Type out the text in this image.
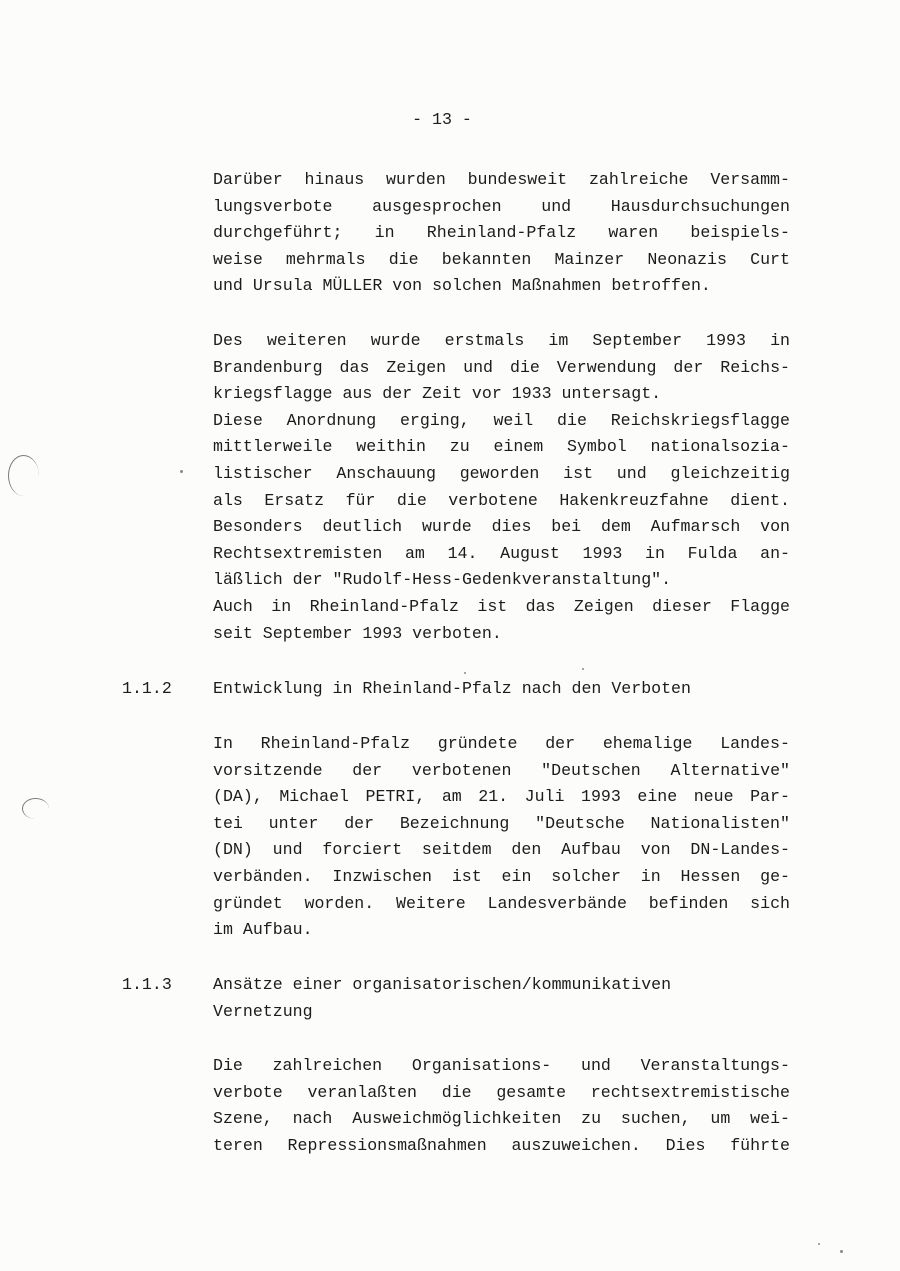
- 13 -
Darüber hinaus wurden bundesweit zahlreiche Versamm-
lungsverbote ausgesprochen und Hausdurchsuchungen
durchgeführt; in Rheinland-Pfalz waren beispiels-
weise mehrmals die bekannten Mainzer Neonazis Curt
und Ursula MÜLLER von solchen Maßnahmen betroffen.
Des weiteren wurde erstmals im September 1993 in
Brandenburg das Zeigen und die Verwendung der Reichs-
kriegsflagge aus der Zeit vor 1933 untersagt.
Diese Anordnung erging, weil die Reichskriegsflagge
mittlerweile weithin zu einem Symbol nationalsozia-
listischer Anschauung geworden ist und gleichzeitig
als Ersatz für die verbotene Hakenkreuzfahne dient.
Besonders deutlich wurde dies bei dem Aufmarsch von
Rechtsextremisten am 14. August 1993 in Fulda an-
läßlich der "Rudolf-Hess-Gedenkveranstaltung".
Auch in Rheinland-Pfalz ist das Zeigen dieser Flagge
seit September 1993 verboten.
1.1.2 Entwicklung in Rheinland-Pfalz nach den Verboten
In Rheinland-Pfalz gründete der ehemalige Landes-
vorsitzende der verbotenen "Deutschen Alternative"
(DA), Michael PETRI, am 21. Juli 1993 eine neue Par-
tei unter der Bezeichnung "Deutsche Nationalisten"
(DN) und forciert seitdem den Aufbau von DN-Landes-
verbänden. Inzwischen ist ein solcher in Hessen ge-
gründet worden. Weitere Landesverbände befinden sich
im Aufbau.
1.1.3 Ansätze einer organisatorischen/kommunikativen
Vernetzung
Die zahlreichen Organisations- und Veranstaltungs-
verbote veranlaßten die gesamte rechtsextremistische
Szene, nach Ausweichmöglichkeiten zu suchen, um wei-
teren Repressionsmaßnahmen auszuweichen. Dies führte
